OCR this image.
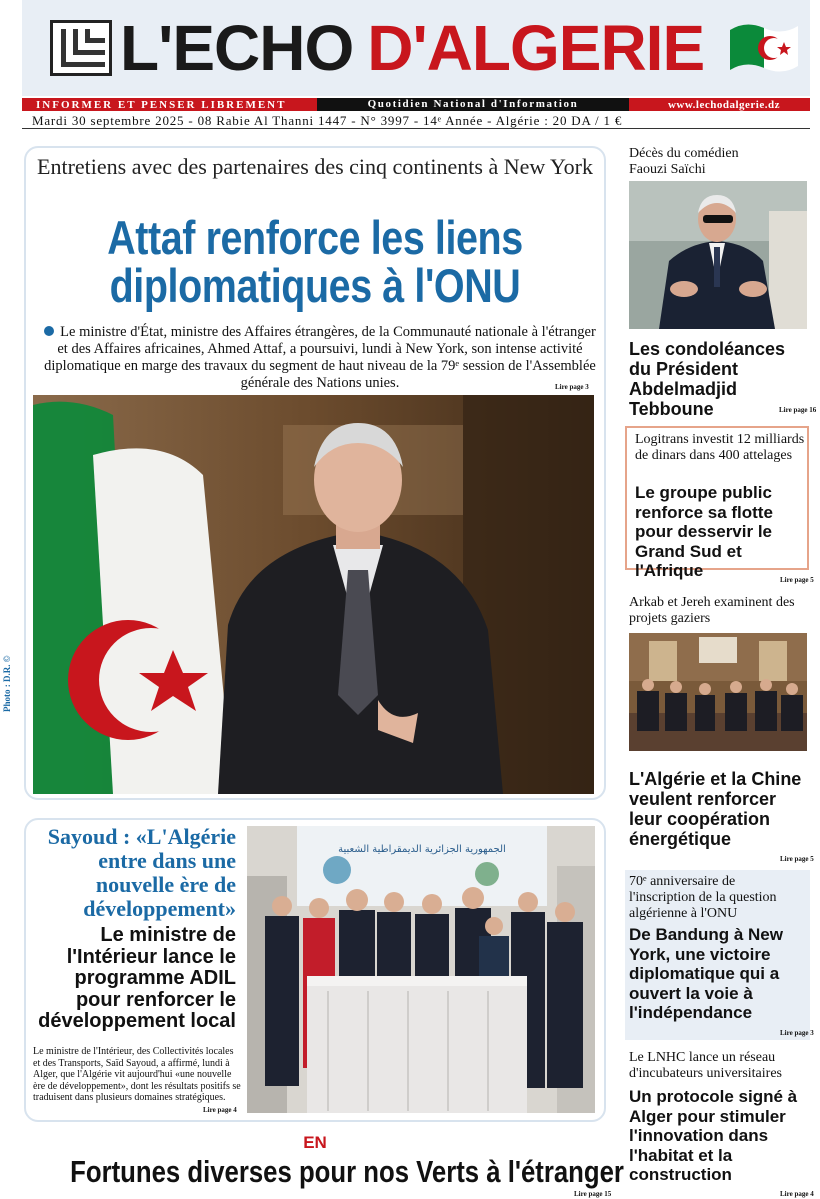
L'ECHO D'ALGERIE
INFORMER ET PENSER LIBREMENT	Quotidien National d'Information	www.lechodalgerie.dz
Mardi 30 septembre 2025 - 08 Rabie Al Thanni 1447 - N° 3997 - 14ᵉ Année - Algérie : 20 DA / 1 €
Entretiens avec des partenaires des cinq continents à New York
Attaf renforce les liens diplomatiques à l'ONU
Le ministre d'État, ministre des Affaires étrangères, de la Communauté nationale à l'étranger et des Affaires africaines, Ahmed Attaf, a poursuivi, lundi à New York, son intense activité diplomatique en marge des travaux du segment de haut niveau de la 79ᵉ session de l'Assemblée générale des Nations unies.	Lire page 3
Photo : D.R. ©
Sayoud : «L'Algérie entre dans une nouvelle ère de développement»
Le ministre de l'Intérieur lance le programme ADIL pour renforcer le développement local
Le ministre de l'Intérieur, des Collectivités locales et des Transports, Saïd Sayoud, a affirmé, lundi à Alger, que l'Algérie vit aujourd'hui «une nouvelle ère de développement», dont les résultats positifs se traduisent dans plusieurs domaines stratégiques.
Lire page 4
الجمهورية الجزائرية الديمقراطية الشعبية
EN
Fortunes diverses pour nos Verts à l'étranger
Lire page 15
Décès du comédien Faouzi Saïchi
Les condoléances du Président Abdelmadjid Tebboune	Lire page 16
Logitrans investit 12 milliards de dinars dans 400 attelages
Le groupe public renforce sa flotte pour desservir le Grand Sud et l'Afrique	Lire page 5
Arkab et Jereh examinent des projets gaziers
L'Algérie et la Chine veulent renforcer leur coopération énergétique
Lire page 5
70ᵉ anniversaire de l'inscription de la question algérienne à l'ONU
De Bandung à New York, une victoire diplomatique qui a ouvert la voie à l'indépendance
Lire page 3
Le LNHC lance un réseau d'incubateurs universitaires
Un protocole signé à Alger pour stimuler l'innovation dans l'habitat et la construction
Lire page 4
